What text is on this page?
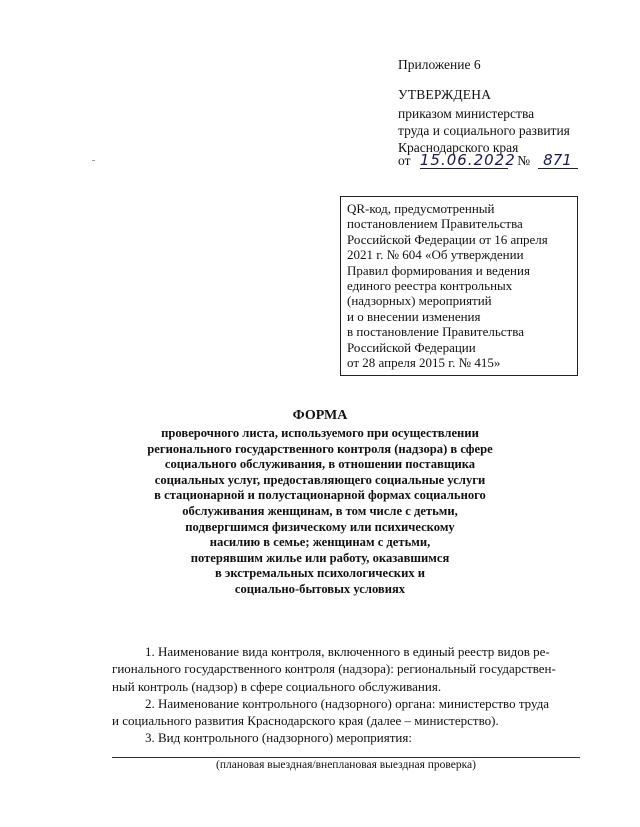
Приложение 6
УТВЕРЖДЕНА
приказом министерства
труда и социального развития
Краснодарского края
от 15.06.2022 № 871
QR-код, предусмотренный
постановлением Правительства
Российской Федерации от 16 апреля
2021 г. № 604 «Об утверждении
Правил формирования и ведения
единого реестра контрольных
(надзорных) мероприятий
и о внесении изменения
в постановление Правительства
Российской Федерации
от 28 апреля 2015 г. № 415»
ФОРМА
проверочного листа, используемого при осуществлении
регионального государственного контроля (надзора) в сфере
социального обслуживания, в отношении поставщика
социальных услуг, предоставляющего социальные услуги
в стационарной и полустационарной формах социального
обслуживания женщинам, в том числе с детьми,
подвергшимся физическому или психическому
насилию в семье; женщинам с детьми,
потерявшим жилье или работу, оказавшимся
в экстремальных психологических и
социально-бытовых условиях
1. Наименование вида контроля, включенного в единый реестр видов ре-
гионального государственного контроля (надзора): региональный государствен-
ный контроль (надзор) в сфере социального обслуживания.
2. Наименование контрольного (надзорного) органа: министерство труда
и социального развития Краснодарского края (далее – министерство).
3. Вид контрольного (надзорного) мероприятия:
(плановая выездная/внеплановая выездная проверка)
